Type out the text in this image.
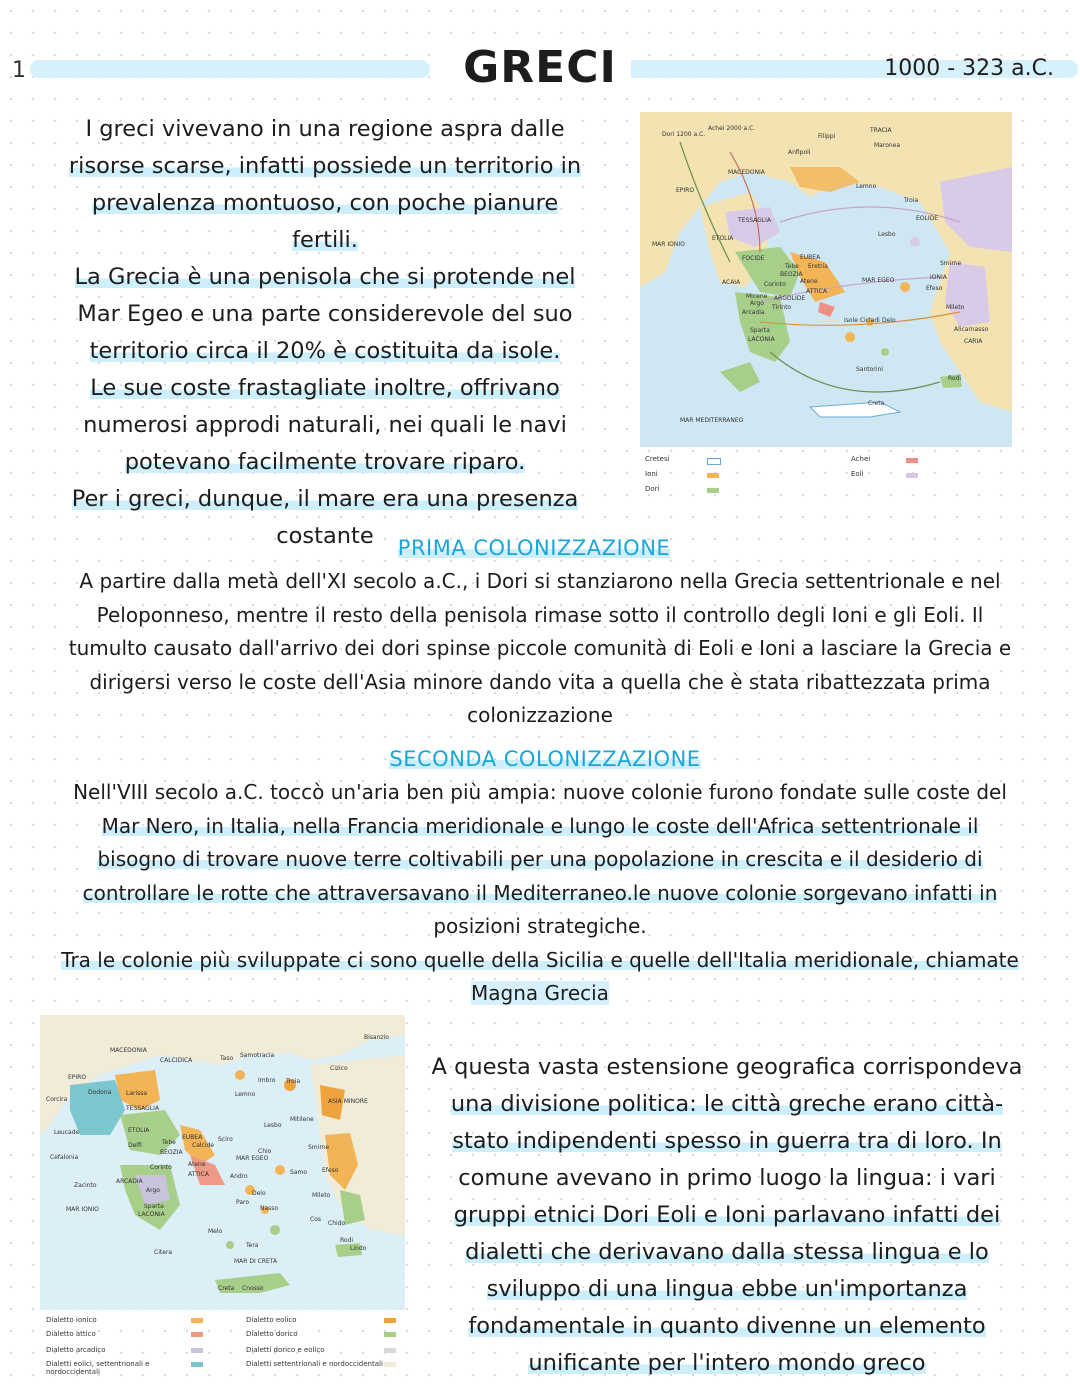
1	GRECI	1000 - 323 a.C.
I greci vivevano in una regione aspra dalle
risorse scarse, infatti possiede un territorio in
prevalenza montuoso, con poche pianure
fertili.
La Grecia è una penisola che si protende nel
Mar Egeo e una parte considerevole del suo
territorio circa il 20% è costituita da isole.
Le sue coste frastagliate inoltre, offrivano
numerosi approdi naturali, nei quali le navi
potevano facilmente trovare riparo.
Per i greci, dunque, il mare era una presenza
costante
Dori 1200 a.C.
Achei 2000 a.C.
Filippi
TRACIA
Maronea
Anfipoli
MACEDONIA
Lemno
Troia
EPIRO
TESSAGLIA	EOLIDE
Lesbo
ETOLIA
MAR IONIO
FOCIDE	EUBEA
Tebe Eretria
BEOZIA
Smirne
ACAIA	Corinto Atene	MAR EGEO	IONIA
Efeso
Micene ARGOLIDE
ATTICA
Argo
Tirinto	Mileto
Arcadia
Isole Cicladi Delo
Alicarnasso
Sparta
LACONIA	CARIA
Santorini
Rodi
Creta
MAR MEDITERRANEO
Cretesi
Ioni
Dori
Achei
Eoli
PRIMA COLONIZZAZIONE
A partire dalla metà dell'XI secolo a.C., i Dori si stanziarono nella Grecia settentrionale e nel
Peloponneso, mentre il resto della penisola rimase sotto il controllo degli Ioni e gli Eoli. Il
tumulto causato dall'arrivo dei dori spinse piccole comunità di Eoli e Ioni a lasciare la Grecia e
dirigersi verso le coste dell'Asia minore dando vita a quella che è stata ribattezzata prima
colonizzazione
SECONDA COLONIZZAZIONE
Nell'VIII secolo a.C. toccò un'aria ben più ampia: nuove colonie furono fondate sulle coste del
Mar Nero, in Italia, nella Francia meridionale e lungo le coste dell'Africa settentrionale il
bisogno di trovare nuove terre coltivabili per una popolazione in crescita e il desiderio di
controllare le rotte che attraversavano il Mediterraneo.le nuove colonie sorgevano infatti in
posizioni strategiche.
Tra le colonie più sviluppate ci sono quelle della Sicilia e quelle dell'Italia meridionale, chiamate
Magna Grecia
Bisanzio
MACEDONIA
CALCIDICA	Taso Samotracia
Cizico
EPIRO
Dodona Larissa
Imbro Troia
Corcira
TESSAGLIA
Lemno
ASIA MINORE
Lesbo
Mitilene
Leucade	ETOLIA
EUBEA
Calcide
Sciro
Chio
Delfi	Tebe
BEOZIA
Smirne
Cefalonia	MAR EGEO
Atene
ATTICA
Corinto
Samo Efeso
Andro
Zacinto
ARCADIA
Argo	Delo	Mileto
Paro
Nasso
MAR IONIO	Sparta
LACONIA
Cos
Chido
Melo
Rodi
Lindo
Tera
Citera
MAR DI CRETA
Creta Cnosso
Dialetto ionico
Dialetto attico
Dialetto arcadico
Dialetti eolici, settentrionali e nordoccidentali
Dialetto eolico
Dialetto dorico
Dialetti dorico e eolico
Dialetti settentrionali e nordoccidentali
A questa vasta estensione geografica corrispondeva
una divisione politica: le città greche erano città-
stato indipendenti spesso in guerra tra di loro. In
comune avevano in primo luogo la lingua: i vari
gruppi etnici Dori Eoli e Ioni parlavano infatti dei
dialetti che derivavano dalla stessa lingua e lo
sviluppo di una lingua ebbe un'importanza
fondamentale in quanto divenne un elemento
unificante per l'intero mondo greco
